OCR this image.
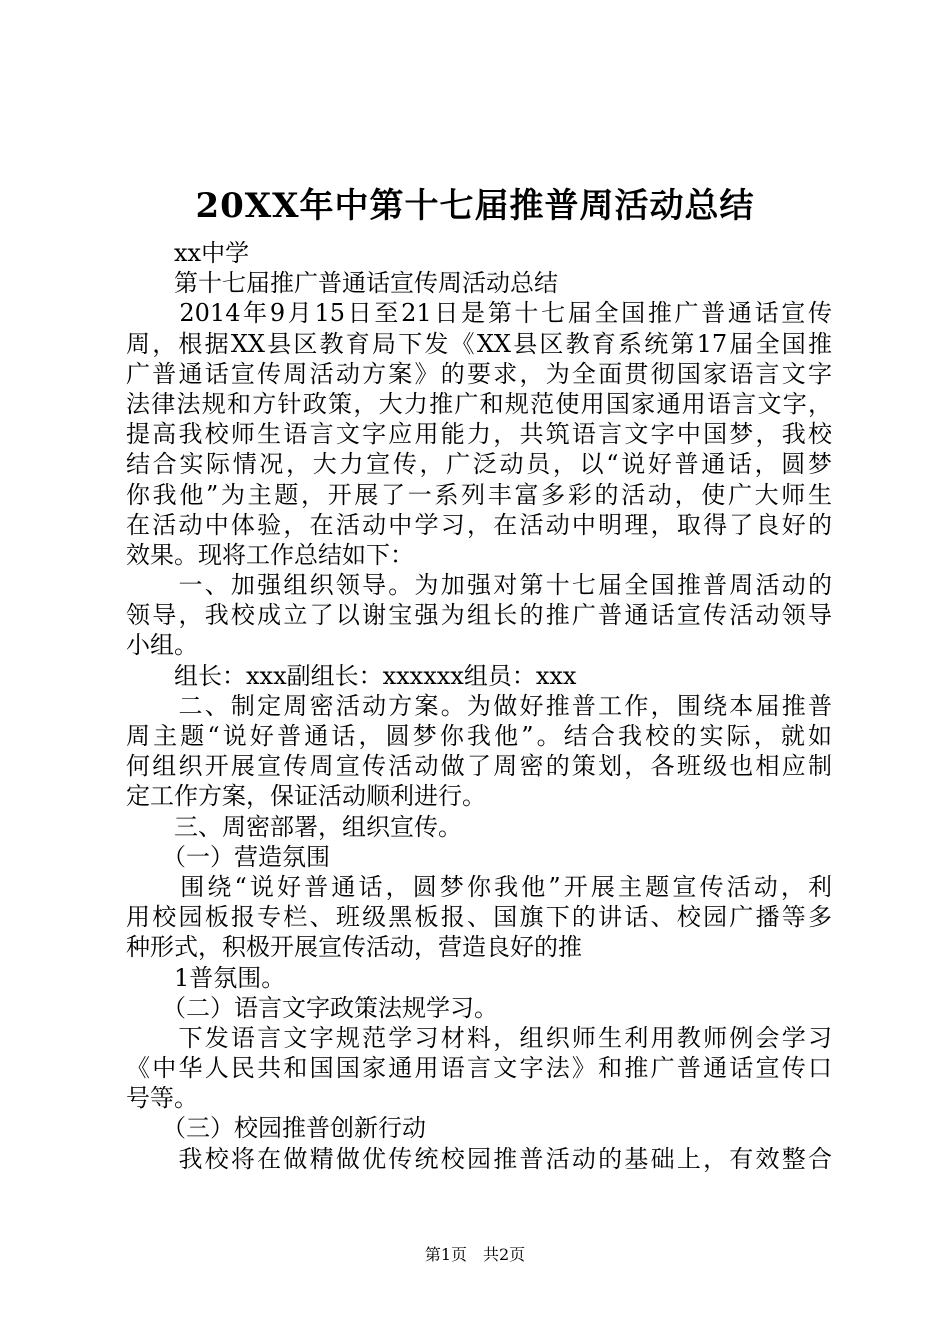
20XX年中第十七届推普周活动总结
　　xx中学
　　第十七届推广普通话宣传周活动总结
　　2014年9月15日至21日是第十七届全国推广普通话宣传
周，根据XX县区教育局下发《XX县区教育系统第17届全国推
广普通话宣传周活动方案》的要求，为全面贯彻国家语言文字
法律法规和方针政策，大力推广和规范使用国家通用语言文字，
提高我校师生语言文字应用能力，共筑语言文字中国梦，我校
结合实际情况，大力宣传，广泛动员，以“说好普通话，圆梦
你我他”为主题，开展了一系列丰富多彩的活动，使广大师生
在活动中体验，在活动中学习，在活动中明理，取得了良好的
效果。现将工作总结如下：
　　一、加强组织领导。为加强对第十七届全国推普周活动的
领导，我校成立了以谢宝强为组长的推广普通话宣传活动领导
小组。
　　组长：xxx副组长：xxxxxx组员：xxx
　　二、制定周密活动方案。为做好推普工作，围绕本届推普
周主题“说好普通话，圆梦你我他”。结合我校的实际，就如
何组织开展宣传周宣传活动做了周密的策划，各班级也相应制
定工作方案，保证活动顺利进行。
　　三、周密部署，组织宣传。
　　（一）营造氛围
　　围绕“说好普通话，圆梦你我他”开展主题宣传活动，利
用校园板报专栏、班级黑板报、国旗下的讲话、校园广播等多
种形式，积极开展宣传活动，营造良好的推
　　1普氛围。
　　（二）语言文字政策法规学习。
　　下发语言文字规范学习材料，组织师生利用教师例会学习
《中华人民共和国国家通用语言文字法》和推广普通话宣传口
号等。
　　（三）校园推普创新行动
　　我校将在做精做优传统校园推普活动的基础上，有效整合
第1页　共2页
